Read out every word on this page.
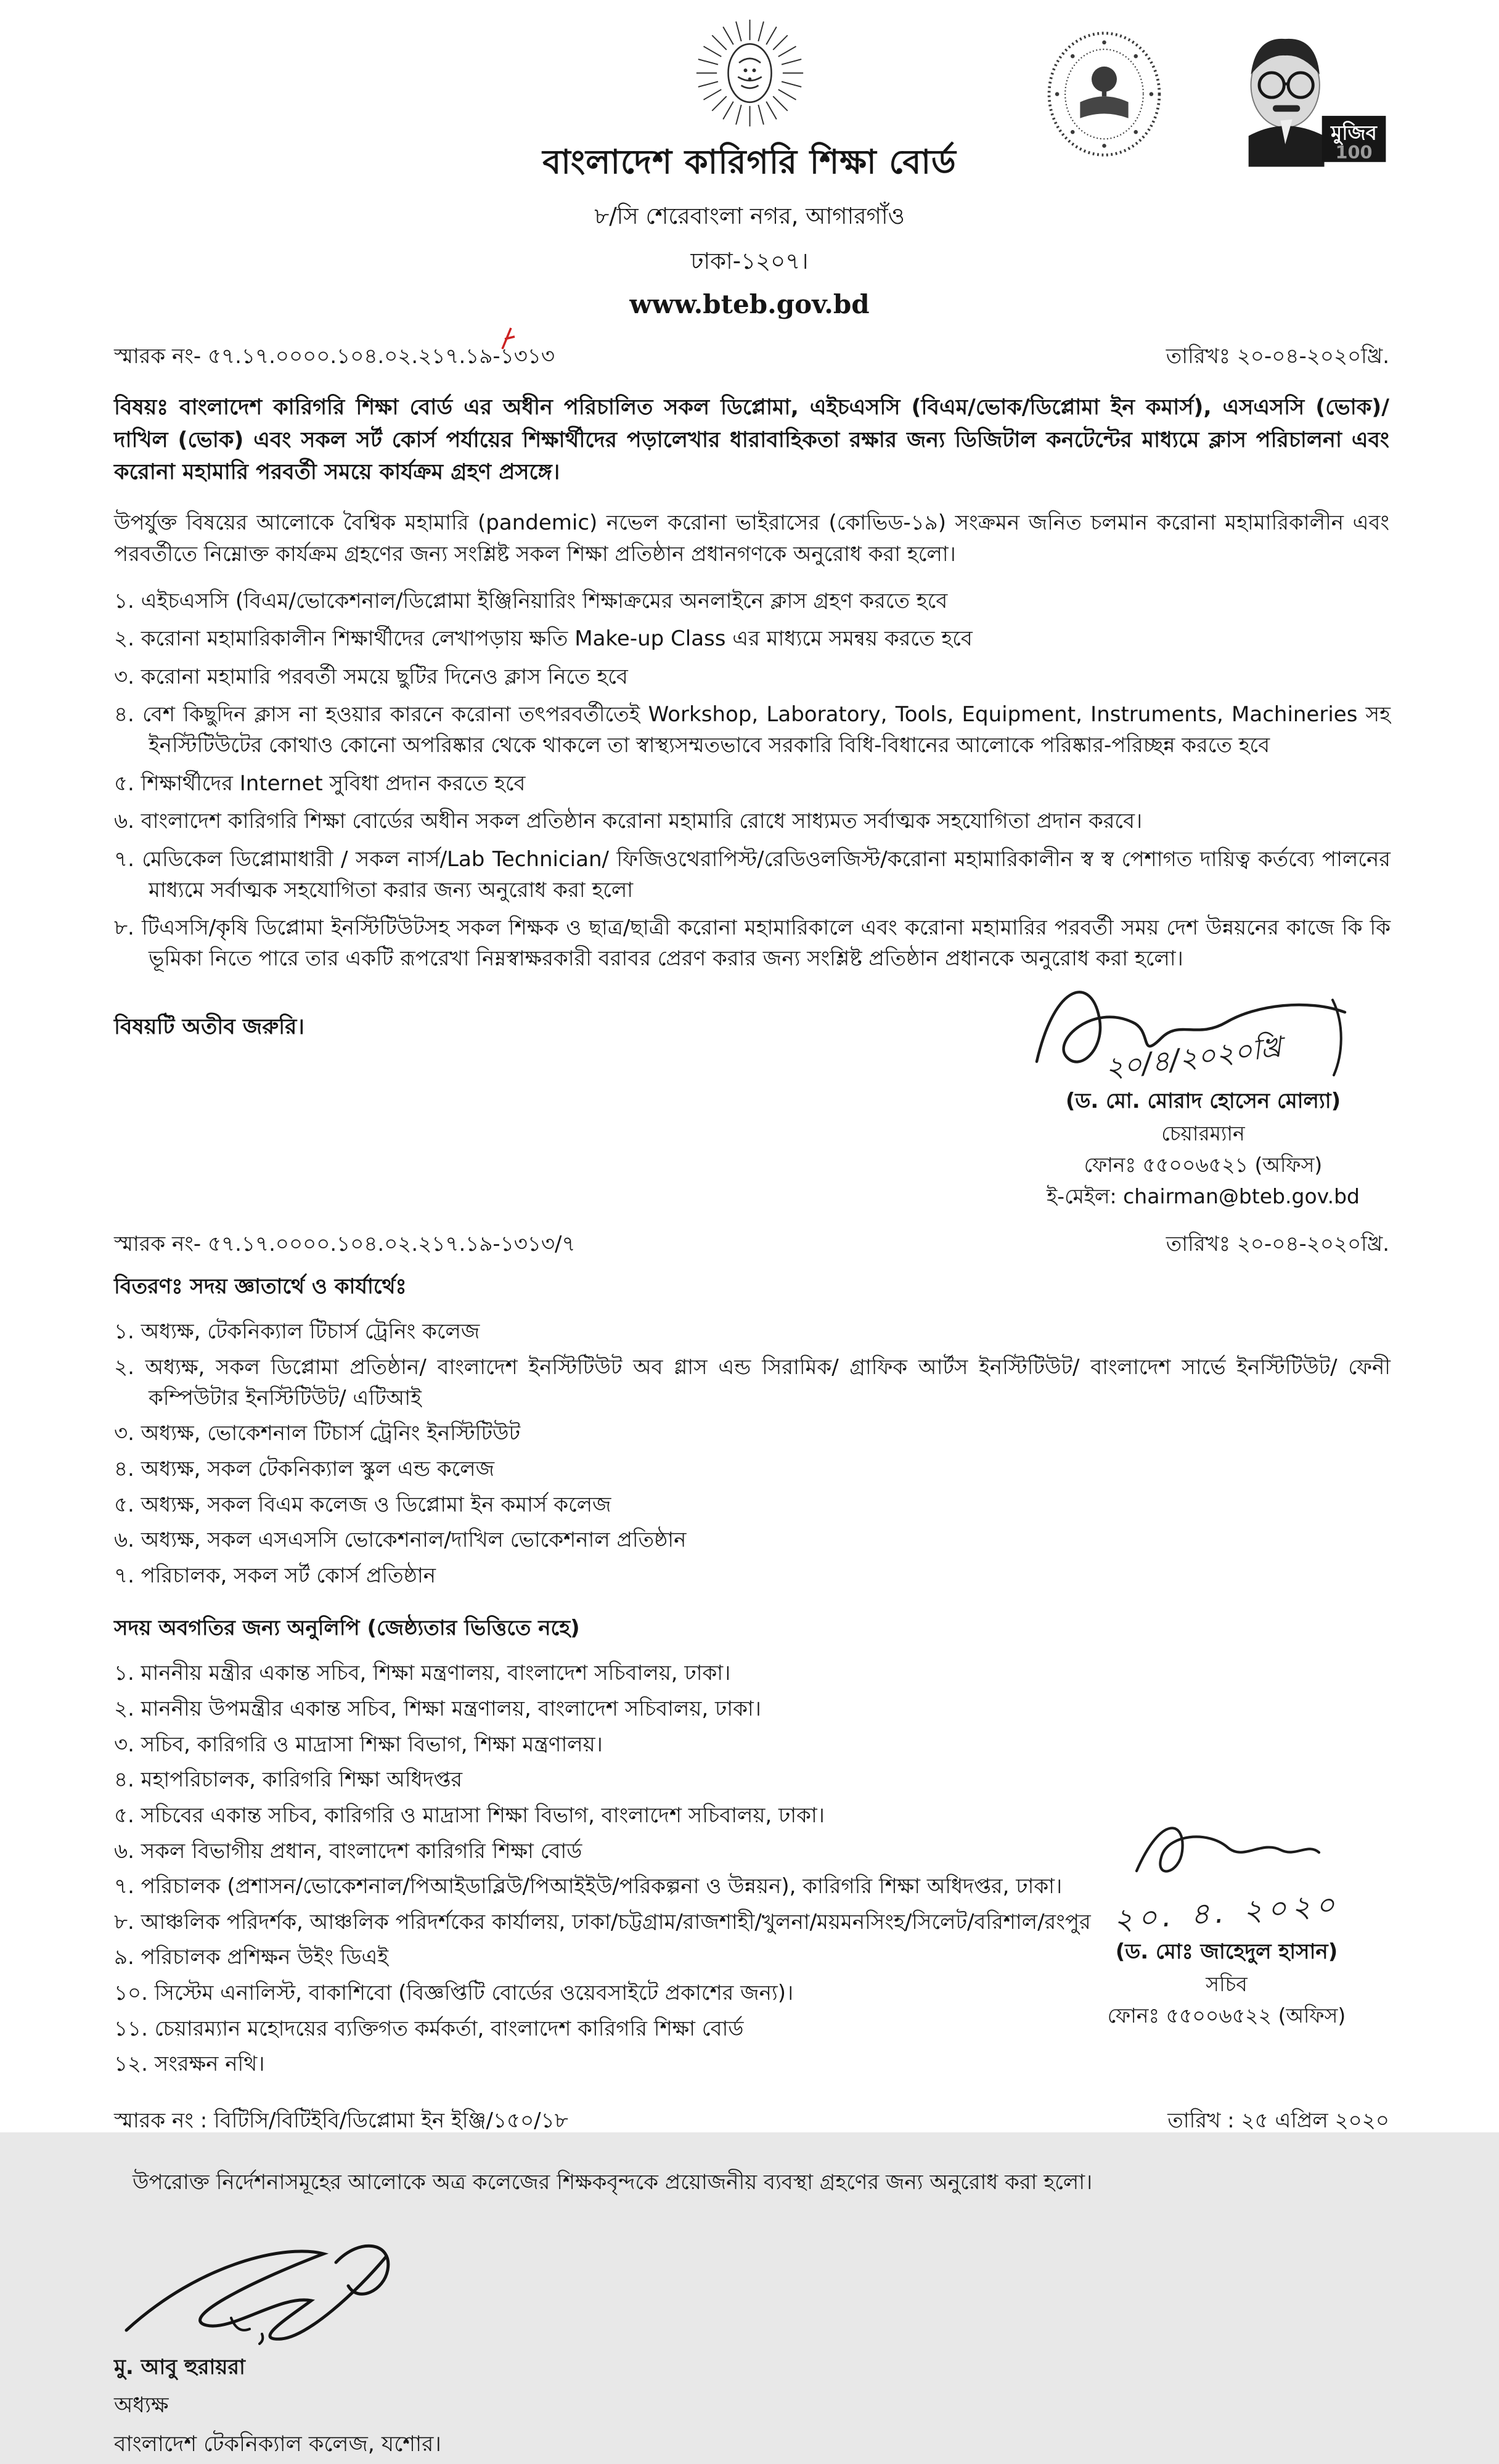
বাংলাদেশ কারিগরি শিক্ষা বোর্ড
৮/সি শেরেবাংলা নগর, আগারগাঁও
ঢাকা-১২০৭।
www.bteb.gov.bd
মুজিব
100
স্মারক নং- ৫৭.১৭.০০০০.১০৪.০২.২১৭.১৯-১৩১৩	তারিখঃ ২০-০৪-২০২০খ্রি.

বিষয়ঃ বাংলাদেশ কারিগরি শিক্ষা বোর্ড এর অধীন পরিচালিত সকল ডিপ্লোমা, এইচএসসি (বিএম/ভোক/ডিপ্লোমা ইন কমার্স), এসএসসি (ভোক)/দাখিল (ভোক) এবং সকল সর্ট কোর্স পর্যায়ের শিক্ষার্থীদের পড়ালেখার ধারাবাহিকতা রক্ষার জন্য ডিজিটাল কনটেন্টের মাধ্যমে ক্লাস পরিচালনা এবং করোনা মহামারি পরবর্তী সময়ে কার্যক্রম গ্রহণ প্রসঙ্গে।

উপর্যুক্ত বিষয়ের আলোকে বৈশ্বিক মহামারি (pandemic) নভেল করোনা ভাইরাসের (কোভিড-১৯) সংক্রমন জনিত চলমান করোনা মহামারিকালীন এবং পরবর্তীতে নিম্নোক্ত কার্যক্রম গ্রহণের জন্য সংশ্লিষ্ট সকল শিক্ষা প্রতিষ্ঠান প্রধানগণকে অনুরোধ করা হলো।

১. এইচএসসি (বিএম/ভোকেশনাল/ডিপ্লোমা ইঞ্জিনিয়ারিং শিক্ষাক্রমের অনলাইনে ক্লাস গ্রহণ করতে হবে
২. করোনা মহামারিকালীন শিক্ষার্থীদের লেখাপড়ায় ক্ষতি Make-up Class এর মাধ্যমে সমন্বয় করতে হবে
৩. করোনা মহামারি পরবর্তী সময়ে ছুটির দিনেও ক্লাস নিতে হবে
৪. বেশ কিছুদিন ক্লাস না হওয়ার কারনে করোনা তৎপরবর্তীতেই Workshop, Laboratory, Tools, Equipment, Instruments, Machineries সহ ইনস্টিটিউটের কোথাও কোনো অপরিষ্কার থেকে থাকলে তা স্বাস্থ্যসম্মতভাবে সরকারি বিধি-বিধানের আলোকে পরিষ্কার-পরিচ্ছন্ন করতে হবে
৫. শিক্ষার্থীদের Internet সুবিধা প্রদান করতে হবে
৬. বাংলাদেশ কারিগরি শিক্ষা বোর্ডের অধীন সকল প্রতিষ্ঠান করোনা মহামারি রোধে সাধ্যমত সর্বাত্মক সহযোগিতা প্রদান করবে।
৭. মেডিকেল ডিপ্লোমাধারী / সকল নার্স/Lab Technician/ ফিজিওথেরাপিস্ট/রেডিওলজিস্ট/করোনা মহামারিকালীন স্ব স্ব পেশাগত দায়িত্ব কর্তব্যে পালনের মাধ্যমে সর্বাত্মক সহযোগিতা করার জন্য অনুরোধ করা হলো
৮. টিএসসি/কৃষি ডিপ্লোমা ইনস্টিটিউটসহ সকল শিক্ষক ও ছাত্র/ছাত্রী করোনা মহামারিকালে এবং করোনা মহামারির পরবর্তী সময় দেশ উন্নয়নের কাজে কি কি ভূমিকা নিতে পারে তার একটি রূপরেখা নিম্নস্বাক্ষরকারী বরাবর প্রেরণ করার জন্য সংশ্লিষ্ট প্রতিষ্ঠান প্রধানকে অনুরোধ করা হলো।

বিষয়টি অতীব জরুরি।

২০/৪/২০২০খ্রি
(ড. মো. মোরাদ হোসেন মোল্যা)
চেয়ারম্যান
ফোনঃ ৫৫০০৬৫২১ (অফিস)
ই-মেইল: chairman@bteb.gov.bd
স্মারক নং- ৫৭.১৭.০০০০.১০৪.০২.২১৭.১৯-১৩১৩/৭	তারিখঃ ২০-০৪-২০২০খ্রি.
বিতরণঃ সদয় জ্ঞাতার্থে ও কার্যার্থেঃ
১. অধ্যক্ষ, টেকনিক্যাল টিচার্স ট্রেনিং কলেজ
২. অধ্যক্ষ, সকল ডিপ্লোমা প্রতিষ্ঠান/ বাংলাদেশ ইনস্টিটিউট অব গ্লাস এন্ড সিরামিক/ গ্রাফিক আর্টস ইনস্টিটিউট/ বাংলাদেশ সার্ভে ইনস্টিটিউট/ ফেনী কম্পিউটার ইনস্টিটিউট/ এটিআই
৩. অধ্যক্ষ, ভোকেশনাল টিচার্স ট্রেনিং ইনস্টিটিউট
৪. অধ্যক্ষ, সকল টেকনিক্যাল স্কুল এন্ড কলেজ
৫. অধ্যক্ষ, সকল বিএম কলেজ ও ডিপ্লোমা ইন কমার্স কলেজ
৬. অধ্যক্ষ, সকল এসএসসি ভোকেশনাল/দাখিল ভোকেশনাল প্রতিষ্ঠান
৭. পরিচালক, সকল সর্ট কোর্স প্রতিষ্ঠান
সদয় অবগতির জন্য অনুলিপি (জেষ্ঠ্যতার ভিত্তিতে নহে)
১. মাননীয় মন্ত্রীর একান্ত সচিব, শিক্ষা মন্ত্রণালয়, বাংলাদেশ সচিবালয়, ঢাকা।
২. মাননীয় উপমন্ত্রীর একান্ত সচিব, শিক্ষা মন্ত্রণালয়, বাংলাদেশ সচিবালয়, ঢাকা।
৩. সচিব, কারিগরি ও মাদ্রাসা শিক্ষা বিভাগ, শিক্ষা মন্ত্রণালয়।
৪. মহাপরিচালক, কারিগরি শিক্ষা অধিদপ্তর
৫. সচিবের একান্ত সচিব, কারিগরি ও মাদ্রাসা শিক্ষা বিভাগ, বাংলাদেশ সচিবালয়, ঢাকা।
৬. সকল বিভাগীয় প্রধান, বাংলাদেশ কারিগরি শিক্ষা বোর্ড
৭. পরিচালক (প্রশাসন/ভোকেশনাল/পিআইডাব্লিউ/পিআইইউ/পরিকল্পনা ও উন্নয়ন), কারিগরি শিক্ষা অধিদপ্তর, ঢাকা।
৮. আঞ্চলিক পরিদর্শক, আঞ্চলিক পরিদর্শকের কার্যালয়, ঢাকা/চট্টগ্রাম/রাজশাহী/খুলনা/ময়মনসিংহ/সিলেট/বরিশাল/রংপুর
৯. পরিচালক প্রশিক্ষন উইং ডিএই
১০. সিস্টেম এনালিস্ট, বাকাশিবো (বিজ্ঞপ্তিটি বোর্ডের ওয়েবসাইটে প্রকাশের জন্য)।
১১. চেয়ারম্যান মহোদয়ের ব্যক্তিগত কর্মকর্তা, বাংলাদেশ কারিগরি শিক্ষা বোর্ড
১২. সংরক্ষন নথি।
২০. ৪. ২০২০
(ড. মোঃ জাহেদুল হাসান)
সচিব
ফোনঃ ৫৫০০৬৫২২ (অফিস)
স্মারক নং : বিটিসি/বিটিইবি/ডিপ্লোমা ইন ইঞ্জি/১৫০/১৮	তারিখ : ২৫ এপ্রিল ২০২০

উপরোক্ত নির্দেশনাসমূহের আলোকে অত্র কলেজের শিক্ষকবৃন্দকে প্রয়োজনীয় ব্যবস্থা গ্রহণের জন্য অনুরোধ করা হলো।

মু. আবু হুরায়রা
অধ্যক্ষ
বাংলাদেশ টেকনিক্যাল কলেজ, যশোর।
